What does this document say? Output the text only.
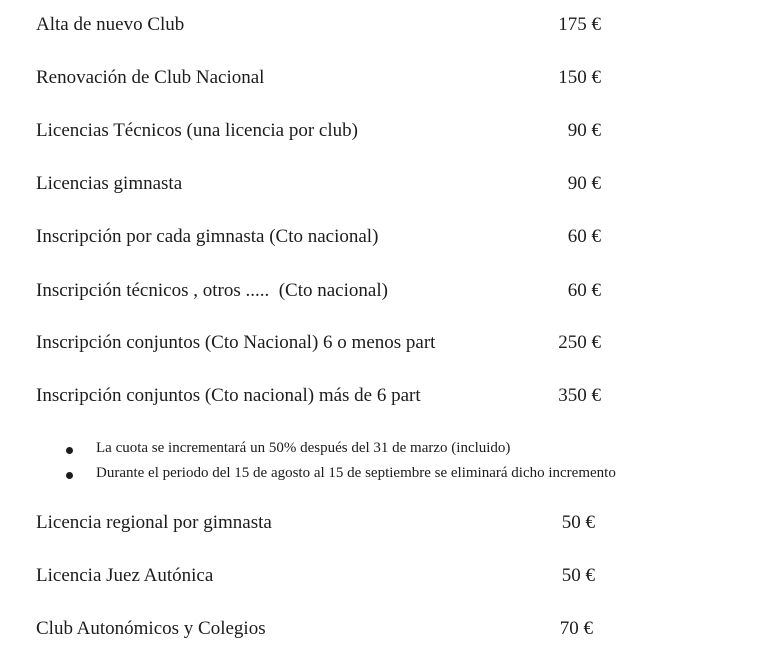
Alta de nuevo Club	175 €
Renovación de Club Nacional	150 €
Licencias Técnicos (una licencia por club)	90 €
Licencias gimnasta	90 €
Inscripción por cada gimnasta (Cto nacional)	60 €
Inscripción técnicos , otros .....  (Cto nacional)	60 €
Inscripción conjuntos (Cto Nacional) 6 o menos part	250 €
Inscripción conjuntos (Cto nacional) más de 6 part	350 €
La cuota se incrementará un 50% después del 31 de marzo (incluido)
Durante el periodo del 15 de agosto al 15 de septiembre se eliminará dicho incremento
Licencia regional por gimnasta	50 €
Licencia Juez Autónica	50 €
Club Autonómicos y Colegios	70 €
